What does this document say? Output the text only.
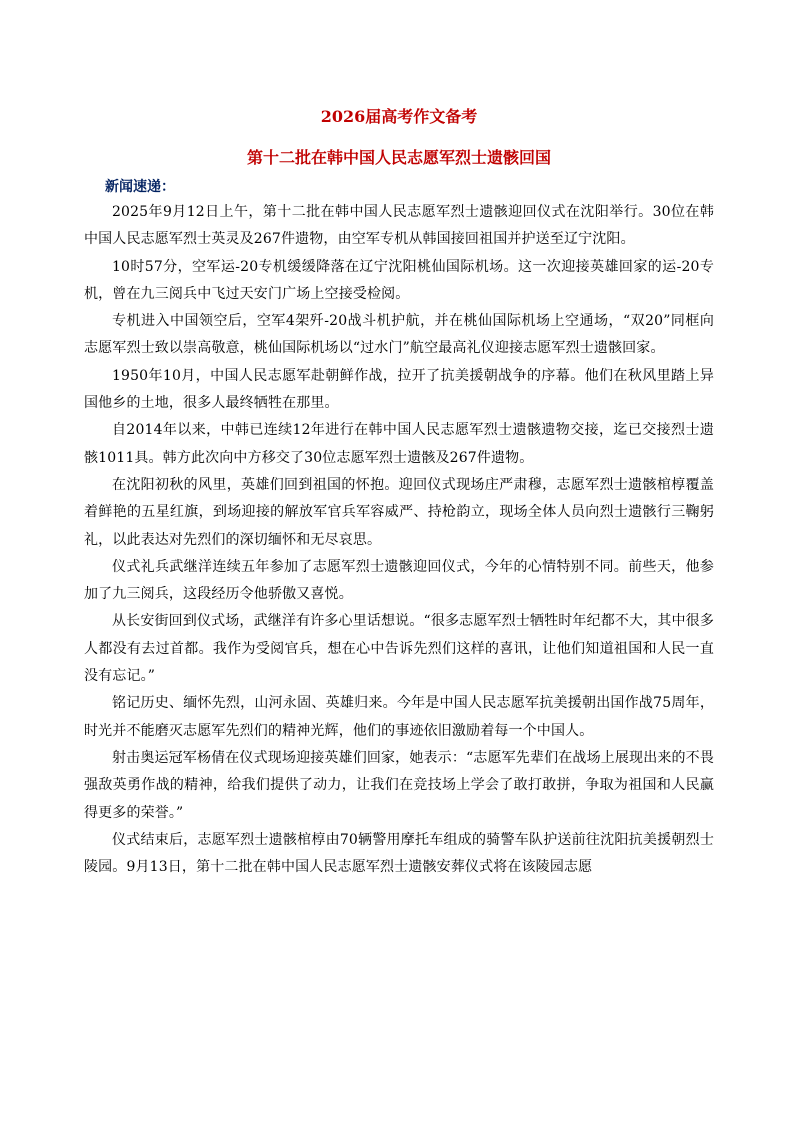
2026届高考作文备考
第十二批在韩中国人民志愿军烈士遗骸回国
新闻速递：

2025年9月12日上午，第十二批在韩中国人民志愿军烈士遗骸迎回仪式在沈阳举行。30位在韩中国人民志愿军烈士英灵及267件遗物，由空军专机从韩国接回祖国并护送至辽宁沈阳。

10时57分，空军运-20专机缓缓降落在辽宁沈阳桃仙国际机场。这一次迎接英雄回家的运-20专机，曾在九三阅兵中飞过天安门广场上空接受检阅。

专机进入中国领空后，空军4架歼-20战斗机护航，并在桃仙国际机场上空通场，“双20”同框向志愿军烈士致以崇高敬意，桃仙国际机场以“过水门”航空最高礼仪迎接志愿军烈士遗骸回家。

1950年10月，中国人民志愿军赴朝鲜作战，拉开了抗美援朝战争的序幕。他们在秋风里踏上异国他乡的土地，很多人最终牺牲在那里。

自2014年以来，中韩已连续12年进行在韩中国人民志愿军烈士遗骸遗物交接，迄已交接烈士遗骸1011具。韩方此次向中方移交了30位志愿军烈士遗骸及267件遗物。

在沈阳初秋的风里，英雄们回到祖国的怀抱。迎回仪式现场庄严肃穆，志愿军烈士遗骸棺椁覆盖着鲜艳的五星红旗，到场迎接的解放军官兵军容威严、持枪韵立，现场全体人员向烈士遗骸行三鞠躬礼，以此表达对先烈们的深切缅怀和无尽哀思。

仪式礼兵武继洋连续五年参加了志愿军烈士遗骸迎回仪式，今年的心情特别不同。前些天，他参加了九三阅兵，这段经历令他骄傲又喜悦。

从长安街回到仪式场，武继洋有许多心里话想说。“很多志愿军烈士牺牲时年纪都不大，其中很多人都没有去过首都。我作为受阅官兵，想在心中告诉先烈们这样的喜讯，让他们知道祖国和人民一直没有忘记。”

铭记历史、缅怀先烈，山河永固、英雄归来。今年是中国人民志愿军抗美援朝出国作战75周年，时光并不能磨灭志愿军先烈们的精神光辉，他们的事迹依旧激励着每一个中国人。

射击奥运冠军杨倩在仪式现场迎接英雄们回家，她表示：“志愿军先辈们在战场上展现出来的不畏强敌英勇作战的精神，给我们提供了动力，让我们在竞技场上学会了敢打敢拼，争取为祖国和人民赢得更多的荣誉。”

仪式结束后，志愿军烈士遗骸棺椁由70辆警用摩托车组成的骑警车队护送前往沈阳抗美援朝烈士陵园。9月13日，第十二批在韩中国人民志愿军烈士遗骸安葬仪式将在该陵园志愿
